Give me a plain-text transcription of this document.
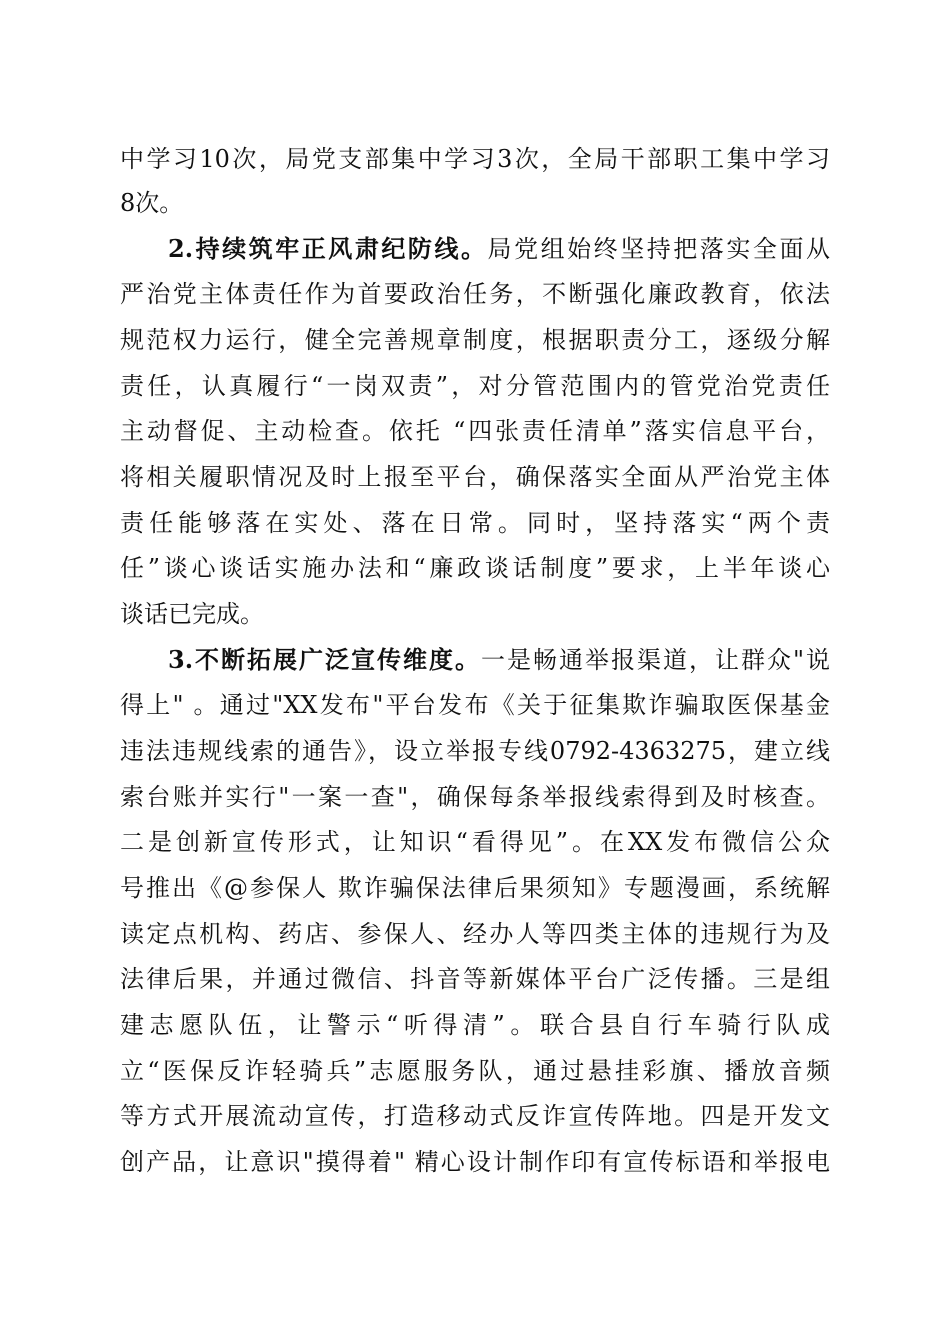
中学习10次，局党支部集中学习3次，全局干部职工集中学习
8次。
2.持续筑牢正风肃纪防线。局党组始终坚持把落实全面从
严治党主体责任作为首要政治任务，不断强化廉政教育，依法
规范权力运行，健全完善规章制度，根据职责分工，逐级分解
责任，认真履行“一岗双责”，对分管范围内的管党治党责任
主动督促、主动检查。依托 “四张责任清单”落实信息平台，
将相关履职情况及时上报至平台，确保落实全面从严治党主体
责任能够落在实处、落在日常。同时，坚持落实“两个责
任”谈心谈话实施办法和“廉政谈话制度”要求，上半年谈心
谈话已完成。
3.不断拓展广泛宣传维度。一是畅通举报渠道，让群众"说
得上" 。通过"XX发布"平台发布《关于征集欺诈骗取医保基金
违法违规线索的通告》，设立举报专线0792-4363275，建立线
索台账并实行"一案一查"，确保每条举报线索得到及时核查。
二是创新宣传形式，让知识“看得见”。在XX发布微信公众
号推出《@参保人 欺诈骗保法律后果须知》专题漫画，系统解
读定点机构、药店、参保人、经办人等四类主体的违规行为及
法律后果，并通过微信、抖音等新媒体平台广泛传播。三是组
建志愿队伍，让警示“听得清”。联合县自行车骑行队成
立“医保反诈轻骑兵”志愿服务队，通过悬挂彩旗、播放音频
等方式开展流动宣传，打造移动式反诈宣传阵地。四是开发文
创产品，让意识"摸得着" 精心设计制作印有宣传标语和举报电
